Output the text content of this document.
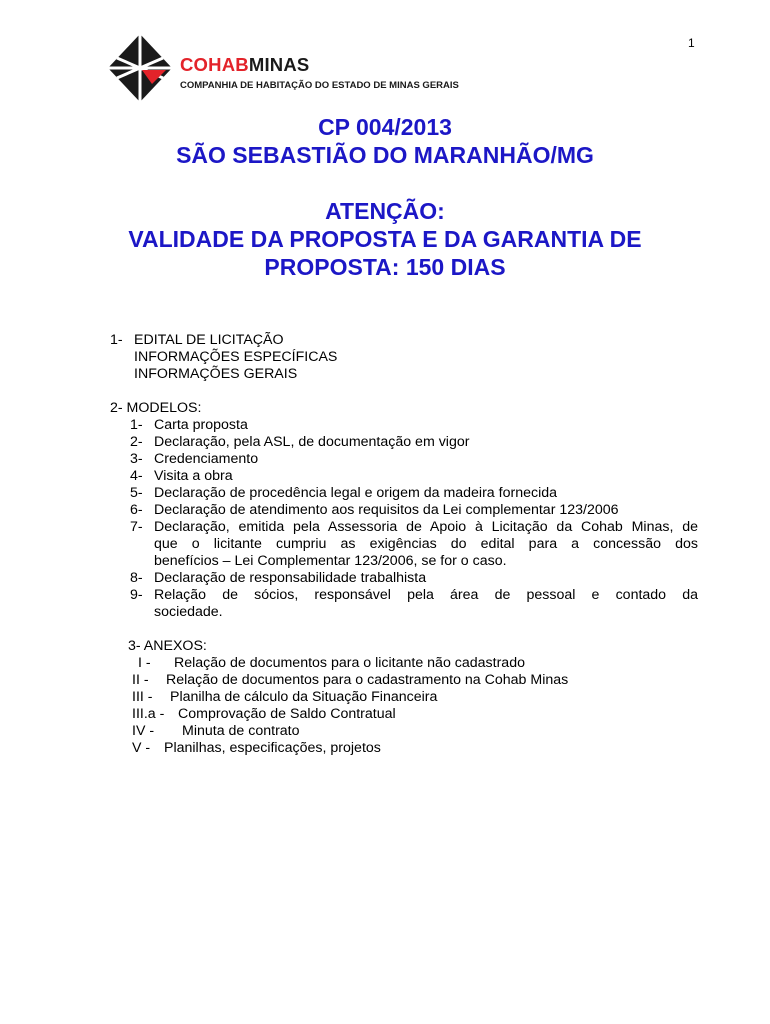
1
COHABMINAS
COMPANHIA DE HABITAÇÃO DO ESTADO DE MINAS GERAIS
CP 004/2013
SÃO SEBASTIÃO DO MARANHÃO/MG
ATENÇÃO:
VALIDADE DA PROPOSTA E DA GARANTIA DE
PROPOSTA: 150 DIAS
1- EDITAL DE LICITAÇÃO
INFORMAÇÕES ESPECÍFICAS
INFORMAÇÕES GERAIS
2- MODELOS:
1- Carta proposta
2- Declaração, pela ASL, de documentação em vigor
3- Credenciamento
4- Visita a obra
5- Declaração de procedência legal e origem da madeira fornecida
6- Declaração de atendimento aos requisitos da Lei complementar 123/2006
7- Declaração, emitida pela Assessoria de Apoio à Licitação da Cohab Minas, de
que o licitante cumpriu as exigências do edital para a concessão dos
benefícios – Lei Complementar 123/2006, se for o caso.
8- Declaração de responsabilidade trabalhista
9- Relação de sócios, responsável pela área de pessoal e contado da
sociedade.
3- ANEXOS:
I - Relação de documentos para o licitante não cadastrado
II - Relação de documentos para o cadastramento na Cohab Minas
III - Planilha de cálculo da Situação Financeira
III.a - Comprovação de Saldo Contratual
IV - Minuta de contrato
V - Planilhas, especificações, projetos
